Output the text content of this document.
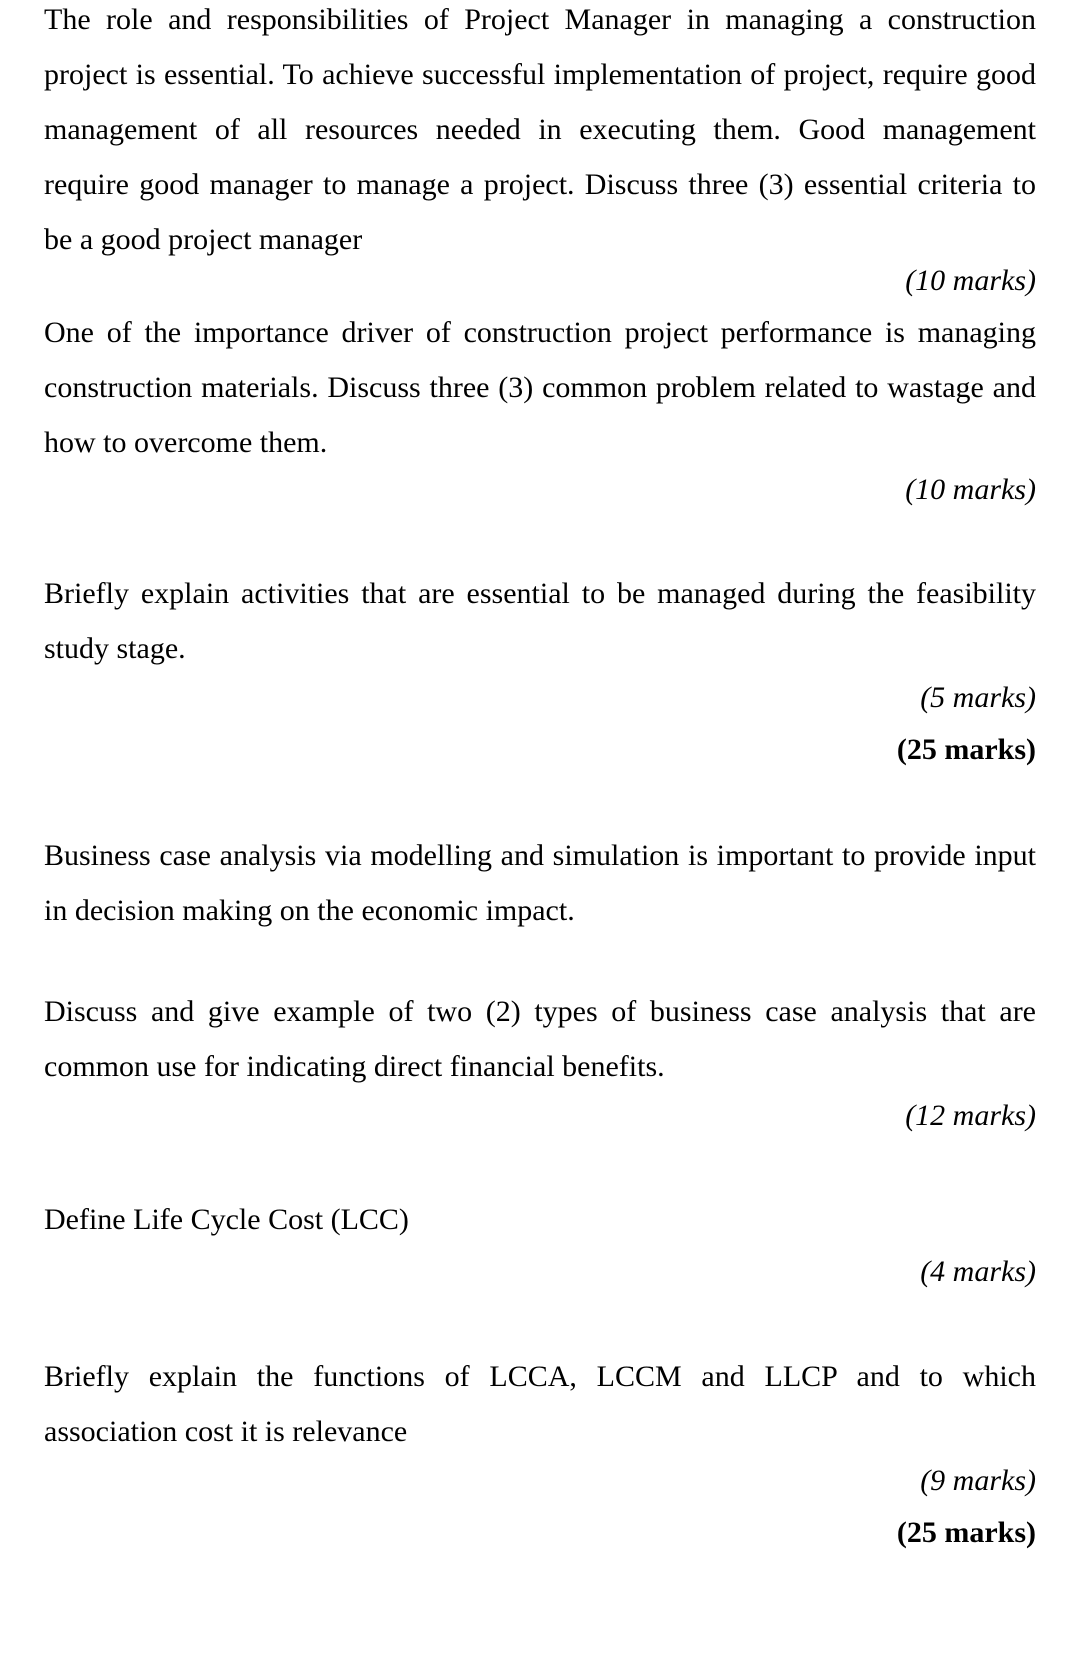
The role and responsibilities of Project Manager in managing a construction project is essential. To achieve successful implementation of project, require good management of all resources needed in executing them. Good management require good manager to manage a project. Discuss three (3) essential criteria to be a good project manager

(10 marks)

One of the importance driver of construction project performance is managing construction materials. Discuss three (3) common problem related to wastage and how to overcome them.

(10 marks)

Briefly explain activities that are essential to be managed during the feasibility study stage.

(5 marks)

(25 marks)

Business case analysis via modelling and simulation is important to provide input in decision making on the economic impact.

Discuss and give example of two (2) types of business case analysis that are common use for indicating direct financial benefits.

(12 marks)

Define Life Cycle Cost (LCC)

(4 marks)

Briefly explain the functions of LCCA, LCCM and LLCP and to which association cost it is relevance

(9 marks)

(25 marks)
